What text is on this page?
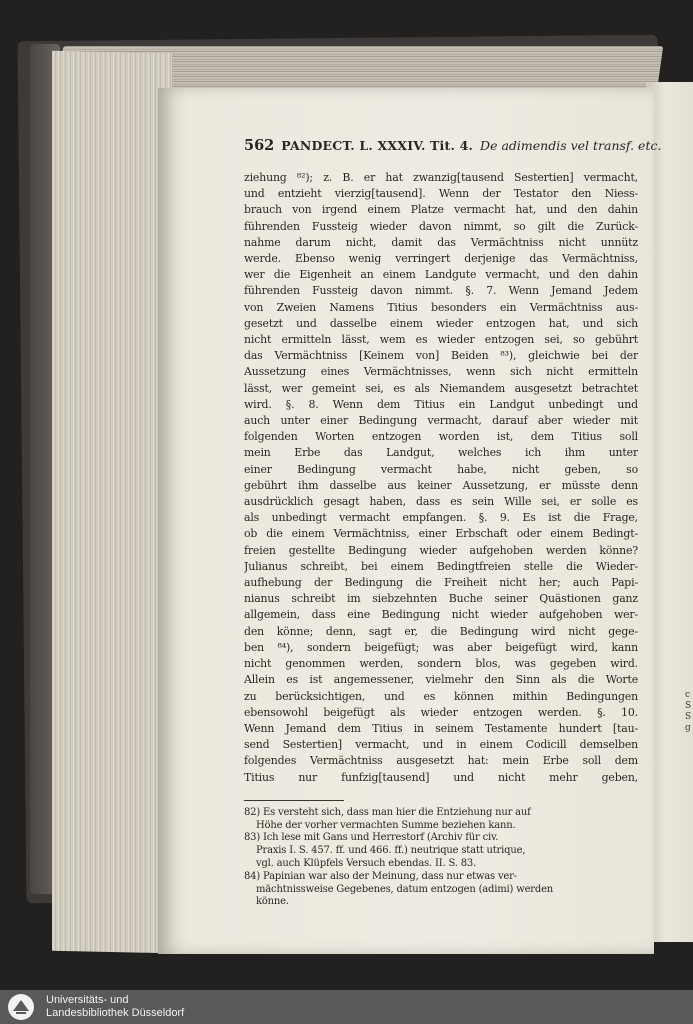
c
S
S
g
562 PANDECT. L. XXXIV. Tit. 4. De adimendis vel transf. etc.

ziehung ⁸²); z. B. er hat zwanzig[tausend Sestertien] vermacht,

und entzieht vierzig[tausend]. Wenn der Testator den Niess-

brauch von irgend einem Platze vermacht hat, und den dahin

führenden Fussteig wieder davon nimmt, so gilt die Zurück-

nahme darum nicht, damit das Vermächtniss nicht unnütz

werde. Ebenso wenig verringert derjenige das Vermächtniss,

wer die Eigenheit an einem Landgute vermacht, und den dahin

führenden Fussteig davon nimmt. §. 7. Wenn Jemand Jedem

von Zweien Namens Titius besonders ein Vermächtniss aus-

gesetzt und dasselbe einem wieder entzogen hat, und sich

nicht ermitteln lässt, wem es wieder entzogen sei, so gebührt

das Vermächtniss [Keinem von] Beiden ⁸³), gleichwie bei der

Aussetzung eines Vermächtnisses, wenn sich nicht ermitteln

lässt, wer gemeint sei, es als Niemandem ausgesetzt betrachtet

wird. §. 8. Wenn dem Titius ein Landgut unbedingt und

auch unter einer Bedingung vermacht, darauf aber wieder mit

folgenden Worten entzogen worden ist, dem Titius soll

mein Erbe das Landgut, welches ich ihm unter

einer Bedingung vermacht habe, nicht geben, so

gebührt ihm dasselbe aus keiner Aussetzung, er müsste denn

ausdrücklich gesagt haben, dass es sein Wille sei, er solle es

als unbedingt vermacht empfangen. §. 9. Es ist die Frage,

ob die einem Vermächtniss, einer Erbschaft oder einem Bedingt-

freien gestellte Bedingung wieder aufgehoben werden könne?

Julianus schreibt, bei einem Bedingtfreien stelle die Wieder-

aufhebung der Bedingung die Freiheit nicht her; auch Papi-

nianus schreibt im siebzehnten Buche seiner Quästionen ganz

allgemein, dass eine Bedingung nicht wieder aufgehoben wer-

den könne; denn, sagt er, die Bedingung wird nicht gege-

ben ⁸⁴), sondern beigefügt; was aber beigefügt wird, kann

nicht genommen werden, sondern blos, was gegeben wird.

Allein es ist angemessener, vielmehr den Sinn als die Worte

zu berücksichtigen, und es können mithin Bedingungen

ebensowohl beigefügt als wieder entzogen werden. §. 10.

Wenn Jemand dem Titius in seinem Testamente hundert [tau-

send Sestertien] vermacht, und in einem Codicill demselben

folgendes Vermächtniss ausgesetzt hat: mein Erbe soll dem

Titius nur funfzig[tausend] und nicht mehr geben,

82) Es versteht sich, dass man hier die Entziehung nur auf

Höhe der vorher vermachten Summe beziehen kann.

83) Ich lese mit Gans und Herrestorf (Archiv für civ.

Praxis I. S. 457. ff. und 466. ff.) neutrique statt utrique,

vgl. auch Klüpfels Versuch ebendas. II. S. 83.

84) Papinian war also der Meinung, dass nur etwas ver-

mächtnissweise Gegebenes, datum entzogen (adimi) werden

könne.

Universitäts- und
Landesbibliothek Düsseldorf
